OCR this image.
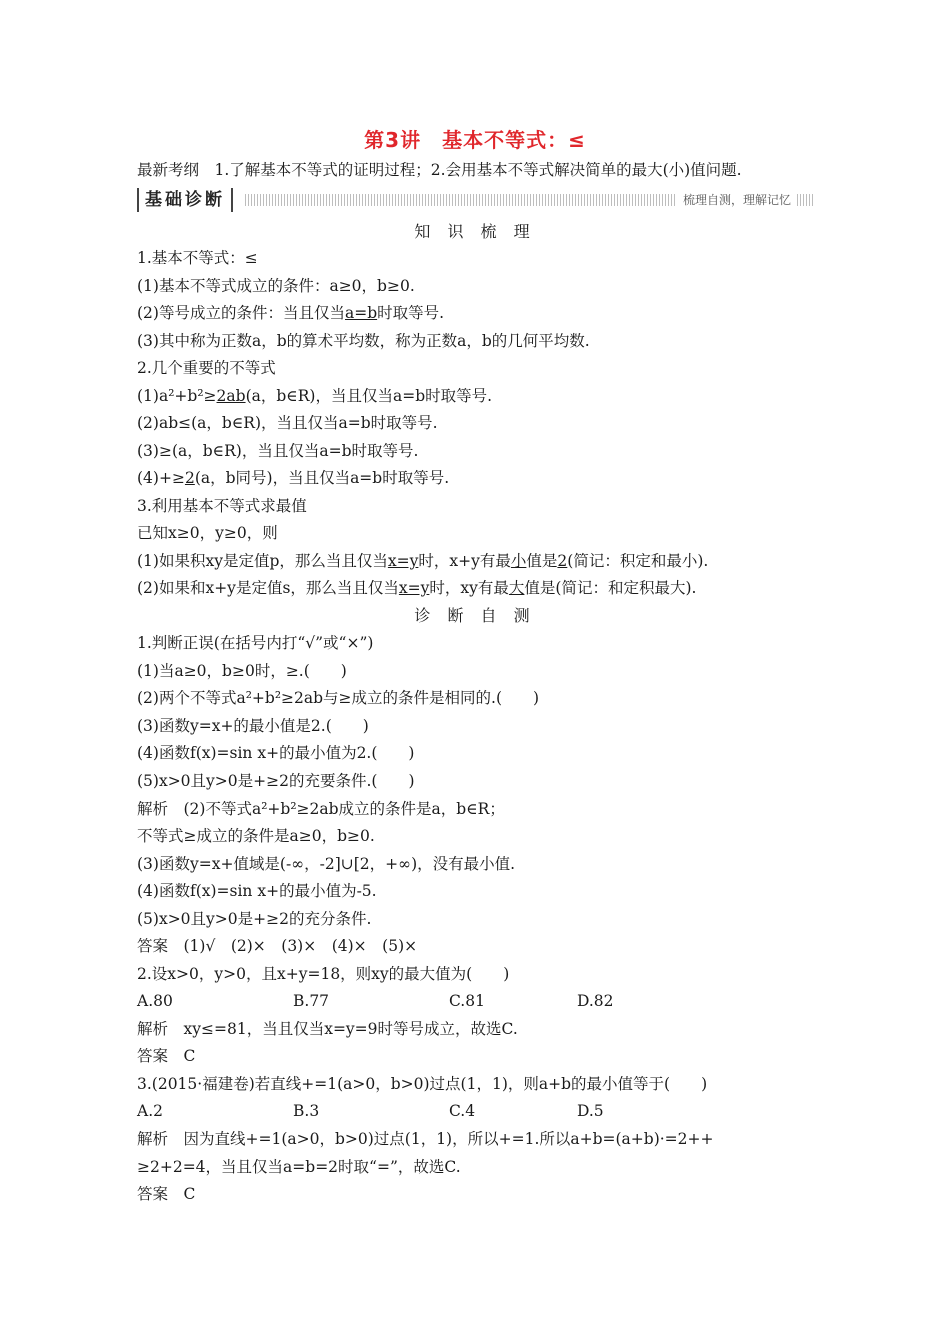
第3讲　基本不等式：≤
最新考纲　1.了解基本不等式的证明过程；2.会用基本不等式解决简单的最大(小)值问题.
基础诊断	梳理自测，理解记忆
知 识 梳 理
1.基本不等式：≤
(1)基本不等式成立的条件：a≥0，b≥0.
(2)等号成立的条件：当且仅当a=b时取等号.
(3)其中称为正数a，b的算术平均数，称为正数a，b的几何平均数.
2.几个重要的不等式
(1)a²+b²≥2ab(a，b∈R)，当且仅当a=b时取等号.
(2)ab≤(a，b∈R)，当且仅当a=b时取等号.
(3)≥(a，b∈R)，当且仅当a=b时取等号.
(4)+≥2(a，b同号)，当且仅当a=b时取等号.
3.利用基本不等式求最值
已知x≥0，y≥0，则
(1)如果积xy是定值p，那么当且仅当x=y时，x+y有最小值是2(简记：积定和最小).
(2)如果和x+y是定值s，那么当且仅当x=y时，xy有最大值是(简记：和定积最大).
诊 断 自 测
1.判断正误(在括号内打“√”或“×”)
(1)当a≥0，b≥0时，≥.(　　)
(2)两个不等式a²+b²≥2ab与≥成立的条件是相同的.(　　)
(3)函数y=x+的最小值是2.(　　)
(4)函数f(x)=sin x+的最小值为2.(　　)
(5)x>0且y>0是+≥2的充要条件.(　　)
解析　(2)不等式a²+b²≥2ab成立的条件是a，b∈R；
不等式≥成立的条件是a≥0，b≥0.
(3)函数y=x+值域是(-∞，-2]∪[2，+∞)，没有最小值.
(4)函数f(x)=sin x+的最小值为-5.
(5)x>0且y>0是+≥2的充分条件.
答案　(1)√　(2)×　(3)×　(4)×　(5)×
2.设x>0，y>0，且x+y=18，则xy的最大值为(　　)
A.80	B.77	C.81	D.82
解析　xy≤=81，当且仅当x=y=9时等号成立，故选C.
答案　C
3.(2015·福建卷)若直线+=1(a>0，b>0)过点(1，1)，则a+b的最小值等于(　　)
A.2	B.3	C.4	D.5
解析　因为直线+=1(a>0，b>0)过点(1，1)，所以+=1.所以a+b=(a+b)·=2++
≥2+2=4，当且仅当a=b=2时取“=”，故选C.
答案　C
